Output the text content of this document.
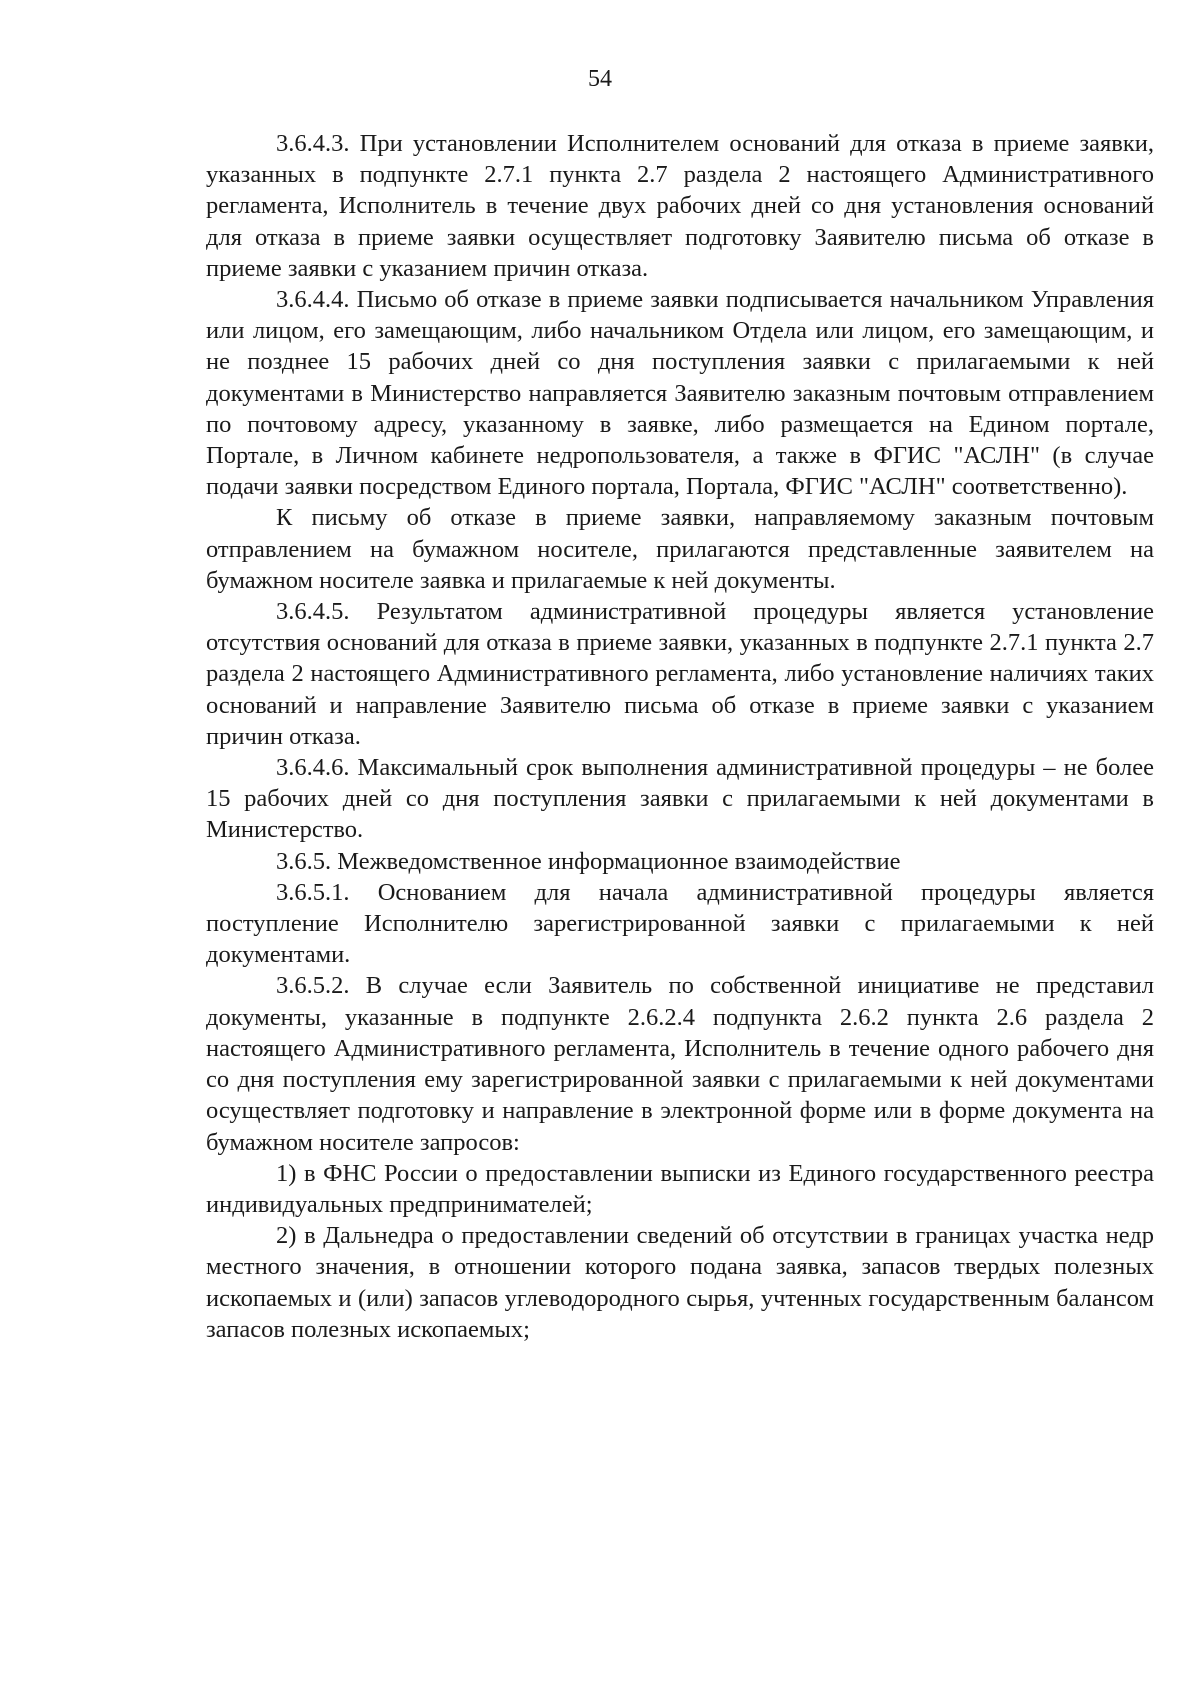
54

3.6.4.3. При установлении Исполнителем оснований для отказа в приеме заявки, указанных в подпункте 2.7.1 пункта 2.7 раздела 2 настоящего Административного регламента, Исполнитель в течение двух рабочих дней со дня установления оснований для отказа в приеме заявки осуществляет подготовку Заявителю письма об отказе в приеме заявки с указанием причин отказа.

3.6.4.4. Письмо об отказе в приеме заявки подписывается начальником Управления или лицом, его замещающим, либо начальником Отдела или лицом, его замещающим, и не позднее 15 рабочих дней со дня поступления заявки с прилагаемыми к ней документами в Министерство направляется Заявителю заказным почтовым отправлением по почтовому адресу, указанному в заявке, либо размещается на Едином портале, Портале, в Личном кабинете недропользователя, а также в ФГИС "АСЛН" (в случае подачи заявки посредством Единого портала, Портала, ФГИС "АСЛН" соответственно).

К письму об отказе в приеме заявки, направляемому заказным почтовым отправлением на бумажном носителе, прилагаются представленные заявителем на бумажном носителе заявка и прилагаемые к ней документы.

3.6.4.5. Результатом административной процедуры является установление отсутствия оснований для отказа в приеме заявки, указанных в подпункте 2.7.1 пункта 2.7 раздела 2 настоящего Административного регламента, либо установление наличиях таких оснований и направление Заявителю письма об отказе в приеме заявки с указанием причин отказа.

3.6.4.6. Максимальный срок выполнения административной процедуры – не более 15 рабочих дней со дня поступления заявки с прилагаемыми к ней документами в Министерство.

3.6.5. Межведомственное информационное взаимодействие

3.6.5.1. Основанием для начала административной процедуры является поступление Исполнителю зарегистрированной заявки с прилагаемыми к ней документами.

3.6.5.2. В случае если Заявитель по собственной инициативе не представил документы, указанные в подпункте 2.6.2.4 подпункта 2.6.2 пункта 2.6 раздела 2 настоящего Административного регламента, Исполнитель в течение одного рабочего дня со дня поступления ему зарегистрированной заявки с прилагаемыми к ней документами осуществляет подготовку и направление в электронной форме или в форме документа на бумажном носителе запросов:

1) в ФНС России о предоставлении выписки из Единого государственного реестра индивидуальных предпринимателей;

2) в Дальнедра о предоставлении сведений об отсутствии в границах участка недр местного значения, в отношении которого подана заявка, запасов твердых полезных ископаемых и (или) запасов углеводородного сырья, учтенных государственным балансом запасов полезных ископаемых;
